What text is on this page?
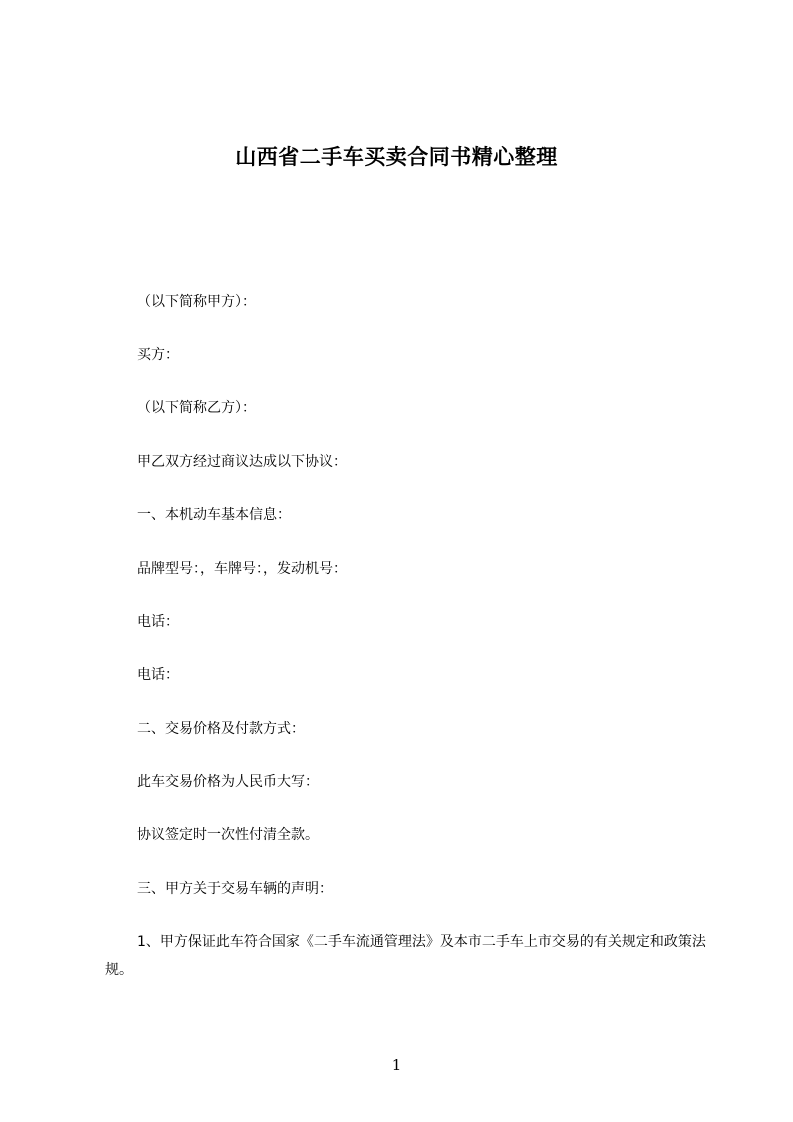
山西省二手车买卖合同书精心整理
（以下简称甲方）：
买方：
（以下简称乙方）：
甲乙双方经过商议达成以下协议：
一、本机动车基本信息：
品牌型号：，车牌号：，发动机号：
电话：
电话：
二、交易价格及付款方式：
此车交易价格为人民币大写：
协议签定时一次性付清全款。
三、甲方关于交易车辆的声明：
1、甲方保证此车符合国家《二手车流通管理法》及本市二手车上市交易的有关规定和政策法规。
1
